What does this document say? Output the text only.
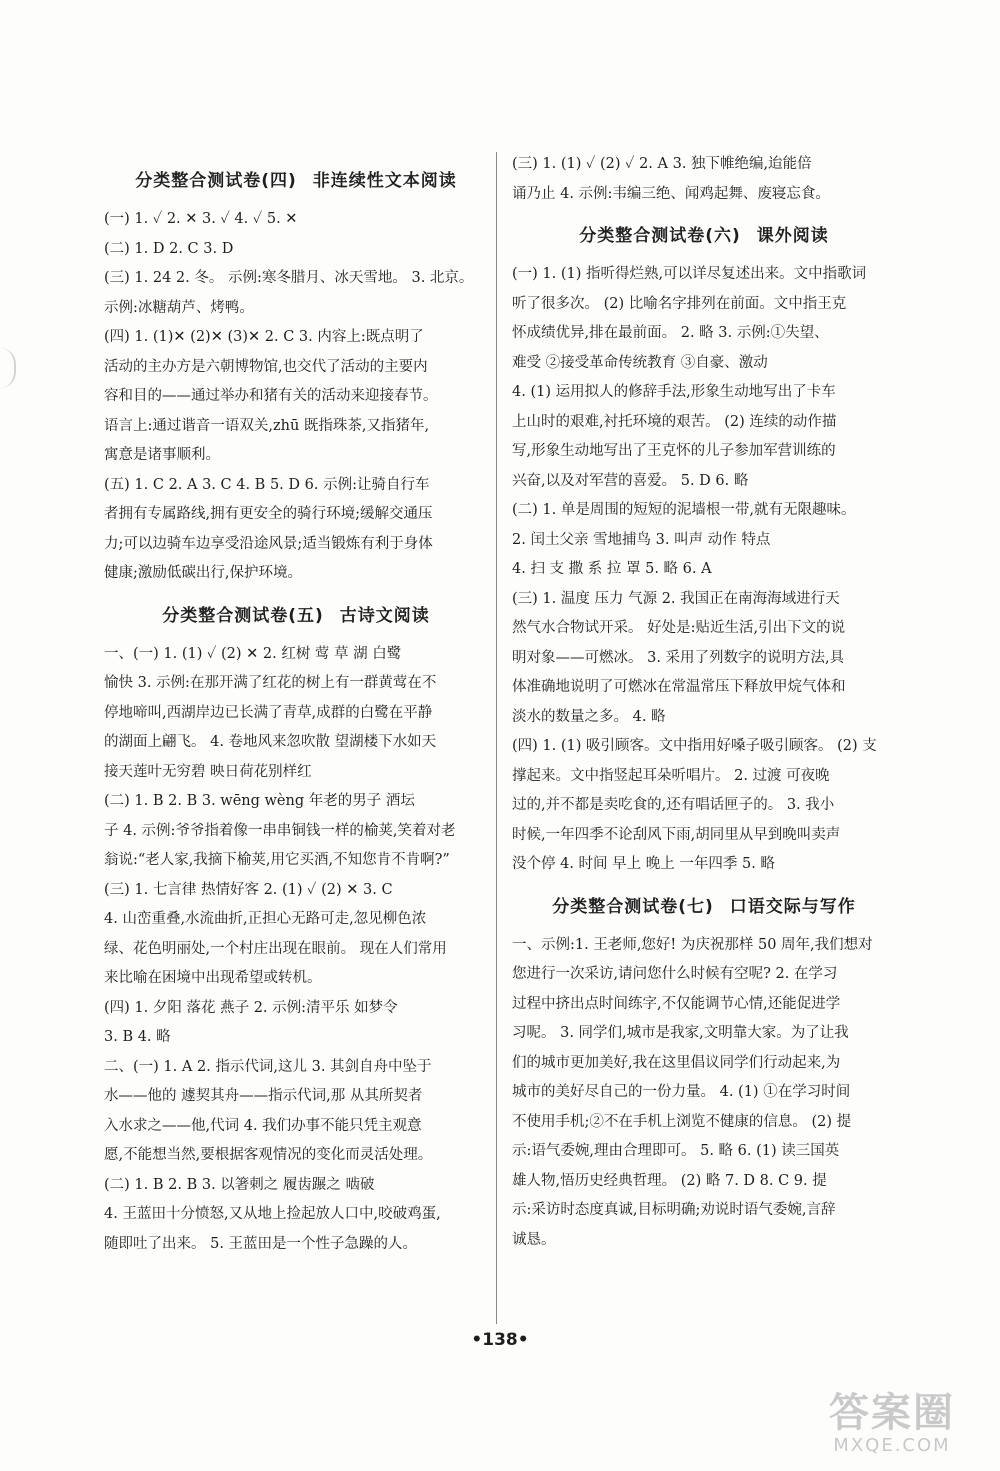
分类整合测试卷(四) 非连续性文本阅读
(一) 1. ✓ 2. ✕ 3. ✓ 4. ✓ 5. ✕
(二) 1. D 2. C 3. D
(三) 1. 24 2. 冬。 示例:寒冬腊月、冰天雪地。 3. 北京。
示例:冰糖葫芦、烤鸭。
(四) 1. (1)✕ (2)✕ (3)✕ 2. C 3. 内容上:既点明了
活动的主办方是六朝博物馆,也交代了活动的主要内
容和目的——通过举办和猪有关的活动来迎接春节。
语言上:通过谐音一语双关,zhū 既指珠茶,又指猪年,
寓意是诸事顺利。
(五) 1. C 2. A 3. C 4. B 5. D 6. 示例:让骑自行车
者拥有专属路线,拥有更安全的骑行环境;缓解交通压
力;可以边骑车边享受沿途风景;适当锻炼有利于身体
健康;激励低碳出行,保护环境。
分类整合测试卷(五) 古诗文阅读
一、(一) 1. (1) ✓ (2) ✕ 2. 红树 莺 草 湖 白鹭
愉快 3. 示例:在那开满了红花的树上有一群黄莺在不
停地啼叫,西湖岸边已长满了青草,成群的白鹭在平静
的湖面上翩飞。 4. 卷地风来忽吹散 望湖楼下水如天
接天莲叶无穷碧 映日荷花别样红
(二) 1. B 2. B 3. wēng wèng 年老的男子 酒坛
子 4. 示例:爷爷指着像一串串铜钱一样的榆荚,笑着对老
翁说:“老人家,我摘下榆荚,用它买酒,不知您肯不肯啊?”
(三) 1. 七言律 热情好客 2. (1) ✓ (2) ✕ 3. C
4. 山峦重叠,水流曲折,正担心无路可走,忽见柳色浓
绿、花色明丽处,一个村庄出现在眼前。 现在人们常用
来比喻在困境中出现希望或转机。
(四) 1. 夕阳 落花 燕子 2. 示例:清平乐 如梦令
3. B 4. 略
二、(一) 1. A 2. 指示代词,这儿 3. 其剑自舟中坠于
水——他的 遽契其舟——指示代词,那 从其所契者
入水求之——他,代词 4. 我们办事不能只凭主观意
愿,不能想当然,要根据客观情况的变化而灵活处理。
(二) 1. B 2. B 3. 以箸刺之 履齿蹍之 啮破
4. 王蓝田十分愤怒,又从地上捡起放人口中,咬破鸡蛋,
随即吐了出来。 5. 王蓝田是一个性子急躁的人。
(三) 1. (1) ✓ (2) ✓ 2. A 3. 独下帷绝编,迨能倍
诵乃止 4. 示例:韦编三绝、闻鸡起舞、废寝忘食。
分类整合测试卷(六) 课外阅读
(一) 1. (1) 指听得烂熟,可以详尽复述出来。文中指歌词
听了很多次。 (2) 比喻名字排列在前面。文中指王克
怀成绩优异,排在最前面。 2. 略 3. 示例:①失望、
难受 ②接受革命传统教育 ③自豪、激动
4. (1) 运用拟人的修辞手法,形象生动地写出了卡车
上山时的艰难,衬托环境的艰苦。 (2) 连续的动作描
写,形象生动地写出了王克怀的儿子参加军营训练的
兴奋,以及对军营的喜爱。 5. D 6. 略
(二) 1. 单是周围的短短的泥墙根一带,就有无限趣味。
2. 闰土父亲 雪地捕鸟 3. 叫声 动作 特点
4. 扫 支 撒 系 拉 罩 5. 略 6. A
(三) 1. 温度 压力 气源 2. 我国正在南海海域进行天
然气水合物试开采。 好处是:贴近生活,引出下文的说
明对象——可燃冰。 3. 采用了列数字的说明方法,具
体准确地说明了可燃冰在常温常压下释放甲烷气体和
淡水的数量之多。 4. 略
(四) 1. (1) 吸引顾客。文中指用好嗓子吸引顾客。 (2) 支
撑起来。文中指竖起耳朵听唱片。 2. 过渡 可夜晚
过的,并不都是卖吃食的,还有唱话匣子的。 3. 我小
时候,一年四季不论刮风下雨,胡同里从早到晚叫卖声
没个停 4. 时间 早上 晚上 一年四季 5. 略
分类整合测试卷(七) 口语交际与写作
一、示例:1. 王老师,您好! 为庆祝那样 50 周年,我们想对
您进行一次采访,请问您什么时候有空呢? 2. 在学习
过程中挤出点时间练字,不仅能调节心情,还能促进学
习呢。 3. 同学们,城市是我家,文明靠大家。为了让我
们的城市更加美好,我在这里倡议同学们行动起来,为
城市的美好尽自己的一份力量。 4. (1) ①在学习时间
不使用手机;②不在手机上浏览不健康的信息。 (2) 提
示:语气委婉,理由合理即可。 5. 略 6. (1) 读三国英
雄人物,悟历史经典哲理。 (2) 略 7. D 8. C 9. 提
示:采访时态度真诚,目标明确;劝说时语气委婉,言辞
诚恳。
•138•
答案圈
MXQE.COM
